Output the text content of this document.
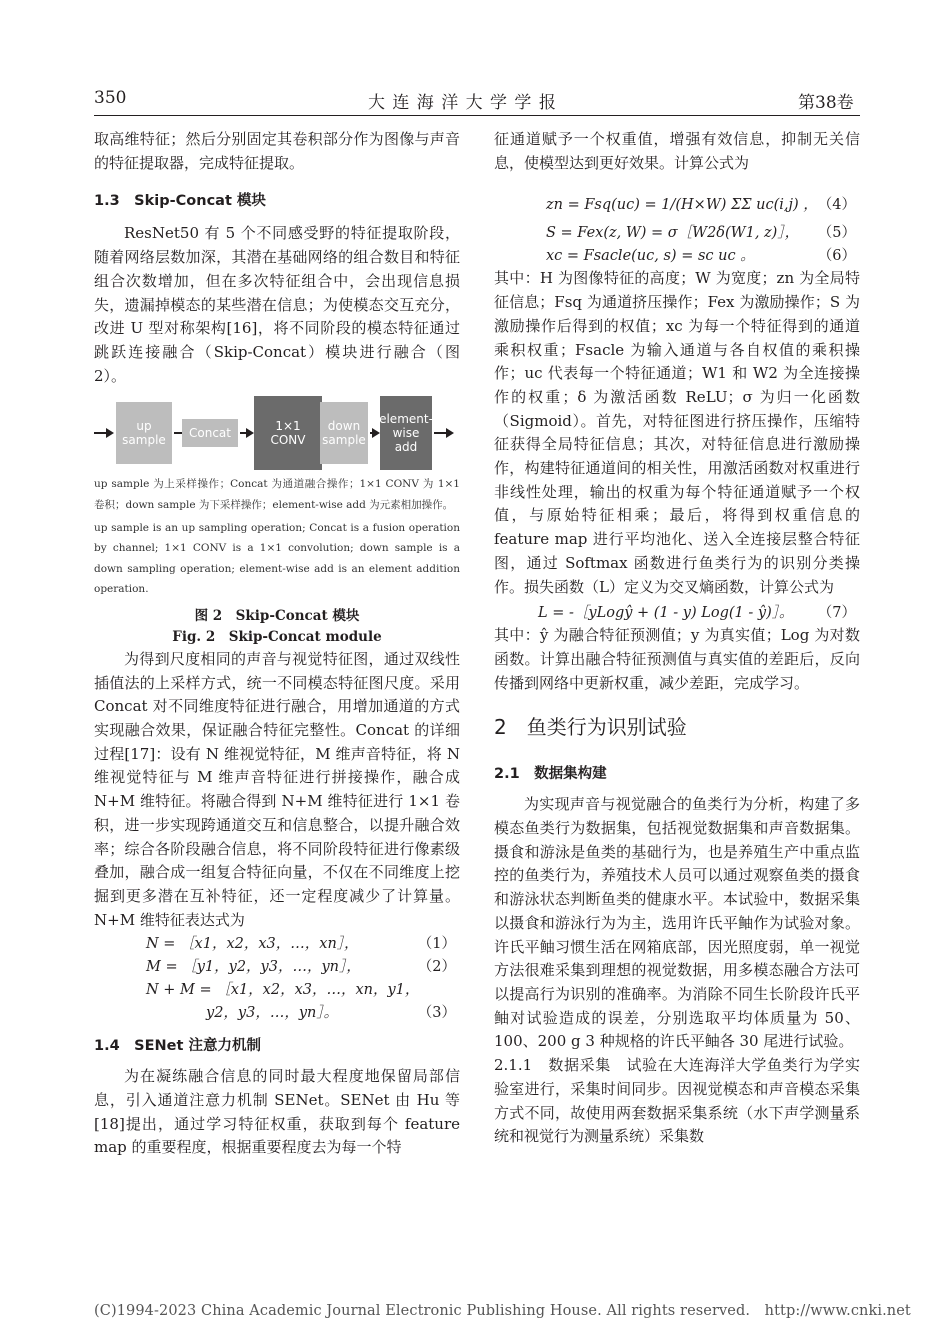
350	大 连 海 洋 大 学 学 报	第38卷

取高维特征；然后分别固定其卷积部分作为图像与声音的特征提取器，完成特征提取。

1.3　Skip-Concat 模块

ResNet50 有 5 个不同感受野的特征提取阶段，随着网络层数加深，其潜在基础网络的组合数目和特征组合次数增加，但在多次特征组合中，会出现信息损失，遗漏掉模态的某些潜在信息；为使模态交互充分，改进 U 型对称架构[16]，将不同阶段的模态特征通过跳跃连接融合（Skip-Concat）模块进行融合（图 2）。

up
sample	Concat	1×1
CONV
down
sample
element-
wise
add

up sample 为上采样操作；Concat 为通道融合操作；1×1 CONV 为 1×1 卷积；down sample 为下采样操作；element-wise add 为元素相加操作。

up sample is an up sampling operation; Concat is a fusion operation by channel; 1×1 CONV is a 1×1 convolution; down sample is a down sampling operation; element-wise add is an element addition operation.

图 2　Skip-Concat 模块

Fig. 2　Skip-Concat module

为得到尺度相同的声音与视觉特征图，通过双线性插值法的上采样方式，统一不同模态特征图尺度。采用 Concat 对不同维度特征进行融合，用增加通道的方式实现融合效果，保证融合特征完整性。Concat 的详细过程[17]：设有 N 维视觉特征，M 维声音特征，将 N 维视觉特征与 M 维声音特征进行拼接操作，融合成 N+M 维特征。将融合得到 N+M 维特征进行 1×1 卷积，进一步实现跨通道交互和信息整合，以提升融合效率；综合各阶段融合信息，将不同阶段特征进行像素级叠加，融合成一组复合特征向量，不仅在不同维度上挖掘到更多潜在互补特征，还一定程度减少了计算量。N+M 维特征表达式为

N = ［x1，x2，x3，…，xn］，	（1）
M = ［y1，y2，y3，…，yn］，	（2）
N + M = ［x1，x2，x3，…，xn，y1，
y2，y3，…，yn］。	（3）

1.4　SENet 注意力机制

为在凝练融合信息的同时最大程度地保留局部信息，引入通道注意力机制 SENet。SENet 由 Hu 等[18]提出，通过学习特征权重，获取到每个 feature map 的重要程度，根据重要程度去为每一个特

征通道赋予一个权重值，增强有效信息，抑制无关信息，使模型达到更好效果。计算公式为

zn = Fsq(uc) = 1/(H×W) ΣΣ uc(i,j) ， （4）
S = Fex(z, W) = σ［W2δ(W1, z)］， （5）
xc = Fsacle(uc, s) = sc uc 。	（6）

其中：H 为图像特征的高度；W 为宽度；zn 为全局特征信息；Fsq 为通道挤压操作；Fex 为激励操作；S 为激励操作后得到的权值；xc 为每一个特征得到的通道乘积权重；Fsacle 为输入通道与各自权值的乘积操作；uc 代表每一个特征通道；W1 和 W2 为全连接操作的权重；δ 为激活函数 ReLU；σ 为归一化函数（Sigmoid）。首先，对特征图进行挤压操作，压缩特征获得全局特征信息；其次，对特征信息进行激励操作，构建特征通道间的相关性，用激活函数对权重进行非线性处理，输出的权重为每个特征通道赋予一个权值，与原始特征相乘；最后，将得到权重信息的 feature map 进行平均池化、送入全连接层整合特征图，通过 Softmax 函数进行鱼类行为的识别分类操作。损失函数（L）定义为交叉熵函数，计算公式为

L = -［yLogŷ + (1 - y) Log(1 - ŷ)］。 （7）

其中：ŷ 为融合特征预测值；y 为真实值；Log 为对数函数。计算出融合特征预测值与真实值的差距后，反向传播到网络中更新权重，减少差距，完成学习。

2　鱼类行为识别试验

2.1　数据集构建

为实现声音与视觉融合的鱼类行为分析，构建了多模态鱼类行为数据集，包括视觉数据集和声音数据集。摄食和游泳是鱼类的基础行为，也是养殖生产中重点监控的鱼类行为，养殖技术人员可以通过观察鱼类的摄食和游泳状态判断鱼类的健康水平。本试验中，数据采集以摄食和游泳行为为主，选用许氏平鲉作为试验对象。许氏平鲉习惯生活在网箱底部，因光照度弱，单一视觉方法很难采集到理想的视觉数据，用多模态融合方法可以提高行为识别的准确率。为消除不同生长阶段许氏平鲉对试验造成的误差，分别选取平均体质量为 50、100、200 g 3 种规格的许氏平鲉各 30 尾进行试验。

2.1.1　数据采集　试验在大连海洋大学鱼类行为学实验室进行，采集时间同步。因视觉模态和声音模态采集方式不同，故使用两套数据采集系统（水下声学测量系统和视觉行为测量系统）采集数

(C)1994-2023 China Academic Journal Electronic Publishing House. All rights reserved.　http://www.cnki.net
